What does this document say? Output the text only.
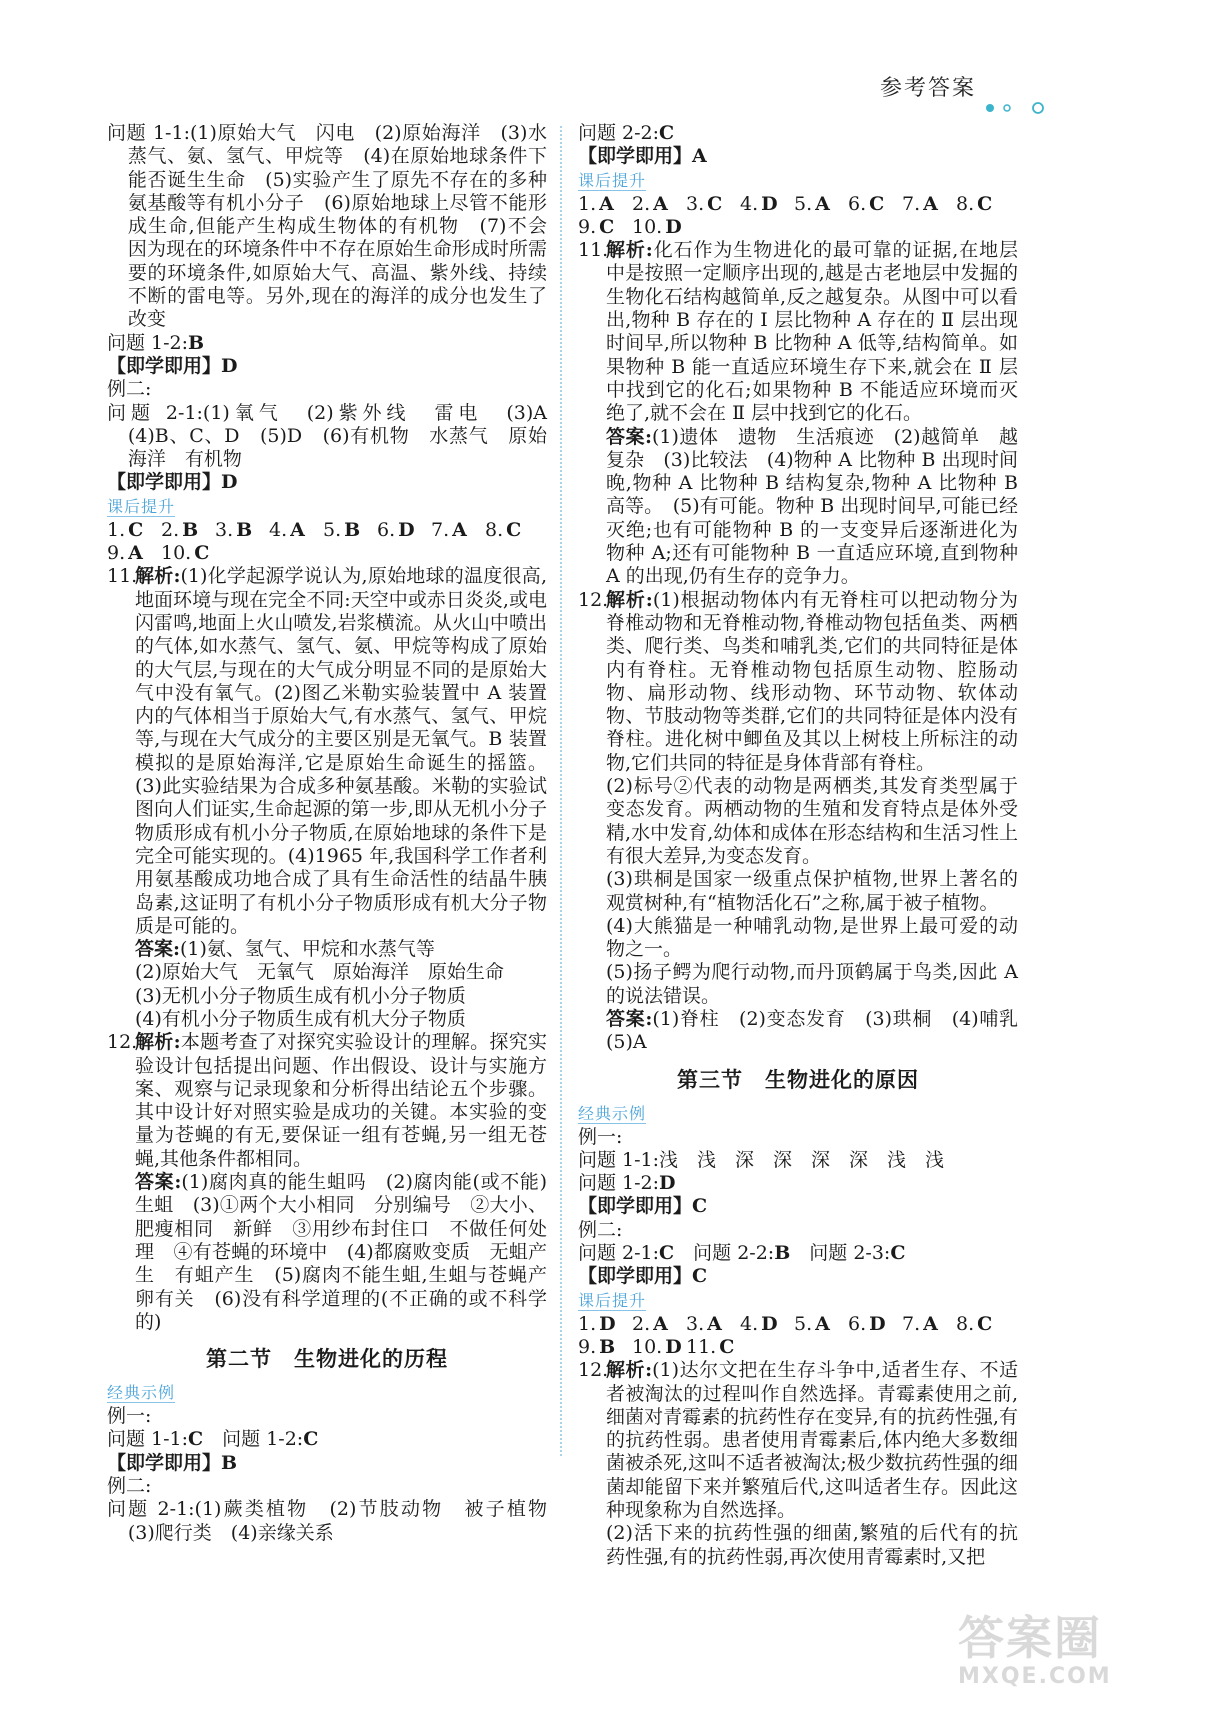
参考答案

问题 1-1:(1)原始大气　闪电　(2)原始海洋　(3)水蒸气、氨、氢气、甲烷等　(4)在原始地球条件下能否诞生生命　(5)实验产生了原先不存在的多种氨基酸等有机小分子　(6)原始地球上尽管不能形成生命,但能产生构成生物体的有机物　(7)不会　因为现在的环境条件中不存在原始生命形成时所需要的环境条件,如原始大气、高温、紫外线、持续不断的雷电等。另外,现在的海洋的成分也发生了改变

问题 1-2:B

【即学即用】D

例二:

问题 2-1:(1)氧气　(2)紫外线　雷电　(3)A　(4)B、C、D　(5)D　(6)有机物　水蒸气　原始海洋　有机物

【即学即用】D

课后提升
1. C 2. B 3. B 4. A 5. B 6. D 7. A 8. C
9. A 10. C
11.

解析:(1)化学起源学说认为,原始地球的温度很高,地面环境与现在完全不同:天空中或赤日炎炎,或电闪雷鸣,地面上火山喷发,岩浆横流。从火山中喷出的气体,如水蒸气、氢气、氨、甲烷等构成了原始的大气层,与现在的大气成分明显不同的是原始大气中没有氧气。(2)图乙米勒实验装置中 A 装置内的气体相当于原始大气,有水蒸气、氢气、甲烷等,与现在大气成分的主要区别是无氧气。B 装置模拟的是原始海洋,它是原始生命诞生的摇篮。(3)此实验结果为合成多种氨基酸。米勒的实验试图向人们证实,生命起源的第一步,即从无机小分子物质形成有机小分子物质,在原始地球的条件下是完全可能实现的。(4)1965 年,我国科学工作者利用氨基酸成功地合成了具有生命活性的结晶牛胰岛素,这证明了有机小分子物质形成有机大分子物质是可能的。

答案:(1)氨、氢气、甲烷和水蒸气等

(2)原始大气　无氧气　原始海洋　原始生命

(3)无机小分子物质生成有机小分子物质

(4)有机小分子物质生成有机大分子物质

12.

解析:本题考查了对探究实验设计的理解。探究实验设计包括提出问题、作出假设、设计与实施方案、观察与记录现象和分析得出结论五个步骤。其中设计好对照实验是成功的关键。本实验的变量为苍蝇的有无,要保证一组有苍蝇,另一组无苍蝇,其他条件都相同。

答案:(1)腐肉真的能生蛆吗　(2)腐肉能(或不能)生蛆　(3)①两个大小相同　分别编号　②大小、肥瘦相同　新鲜　③用纱布封住口　不做任何处理　④有苍蝇的环境中　(4)都腐败变质　无蛆产生　有蛆产生　(5)腐肉不能生蛆,生蛆与苍蝇产卵有关　(6)没有科学道理的(不正确的或不科学的)

第二节　生物进化的历程
经典示例

例一:

问题 1-1:C 问题 1-2:C

【即学即用】B

例二:

问题 2-1:(1)蕨类植物　(2)节肢动物　被子植物　(3)爬行类　(4)亲缘关系

问题 2-2:C

【即学即用】A

课后提升
1. A 2. A 3. C 4. D 5. A 6. C 7. A 8. C
9. C 10. D
11.

解析:化石作为生物进化的最可靠的证据,在地层中是按照一定顺序出现的,越是古老地层中发掘的生物化石结构越简单,反之越复杂。从图中可以看出,物种 B 存在的 Ⅰ 层比物种 A 存在的 Ⅱ 层出现时间早,所以物种 B 比物种 A 低等,结构简单。如果物种 B 能一直适应环境生存下来,就会在 Ⅱ 层中找到它的化石;如果物种 B 不能适应环境而灭绝了,就不会在 Ⅱ 层中找到它的化石。

答案:(1)遗体　遗物　生活痕迹　(2)越简单　越复杂　(3)比较法　(4)物种 A 比物种 B 出现时间晚,物种 A 比物种 B 结构复杂,物种 A 比物种 B 高等。　(5)有可能。物种 B 出现时间早,可能已经灭绝;也有可能物种 B 的一支变异后逐渐进化为物种 A;还有可能物种 B 一直适应环境,直到物种 A 的出现,仍有生存的竞争力。

12.

解析:(1)根据动物体内有无脊柱可以把动物分为脊椎动物和无脊椎动物,脊椎动物包括鱼类、两栖类、爬行类、鸟类和哺乳类,它们的共同特征是体内有脊柱。无脊椎动物包括原生动物、腔肠动物、扁形动物、线形动物、环节动物、软体动物、节肢动物等类群,它们的共同特征是体内没有脊柱。进化树中鲫鱼及其以上树枝上所标注的动物,它们共同的特征是身体背部有脊柱。

(2)标号②代表的动物是两栖类,其发育类型属于变态发育。两栖动物的生殖和发育特点是体外受精,水中发育,幼体和成体在形态结构和生活习性上有很大差异,为变态发育。

(3)珙桐是国家一级重点保护植物,世界上著名的观赏树种,有“植物活化石”之称,属于被子植物。

(4)大熊猫是一种哺乳动物,是世界上最可爱的动物之一。

(5)扬子鳄为爬行动物,而丹顶鹤属于鸟类,因此 A 的说法错误。

答案:(1)脊柱　(2)变态发育　(3)珙桐　(4)哺乳　(5)A

第三节　生物进化的原因
经典示例

例一:

问题 1-1:浅　浅　深　深　深　深　浅　浅

问题 1-2:D

【即学即用】C

例二:

问题 2-1:C 问题 2-2:B 问题 2-3:C

【即学即用】C

课后提升
1. D 2. A 3. A 4. D 5. A 6. D 7. A 8. C
9. B 10. D 11. C
12.

解析:(1)达尔文把在生存斗争中,适者生存、不适者被淘汰的过程叫作自然选择。青霉素使用之前,细菌对青霉素的抗药性存在变异,有的抗药性强,有的抗药性弱。患者使用青霉素后,体内绝大多数细菌被杀死,这叫不适者被淘汰;极少数抗药性强的细菌却能留下来并繁殖后代,这叫适者生存。因此这种现象称为自然选择。

(2)活下来的抗药性强的细菌,繁殖的后代有的抗药性强,有的抗药性弱,再次使用青霉素时,又把

答案圈
MXQE.COM
